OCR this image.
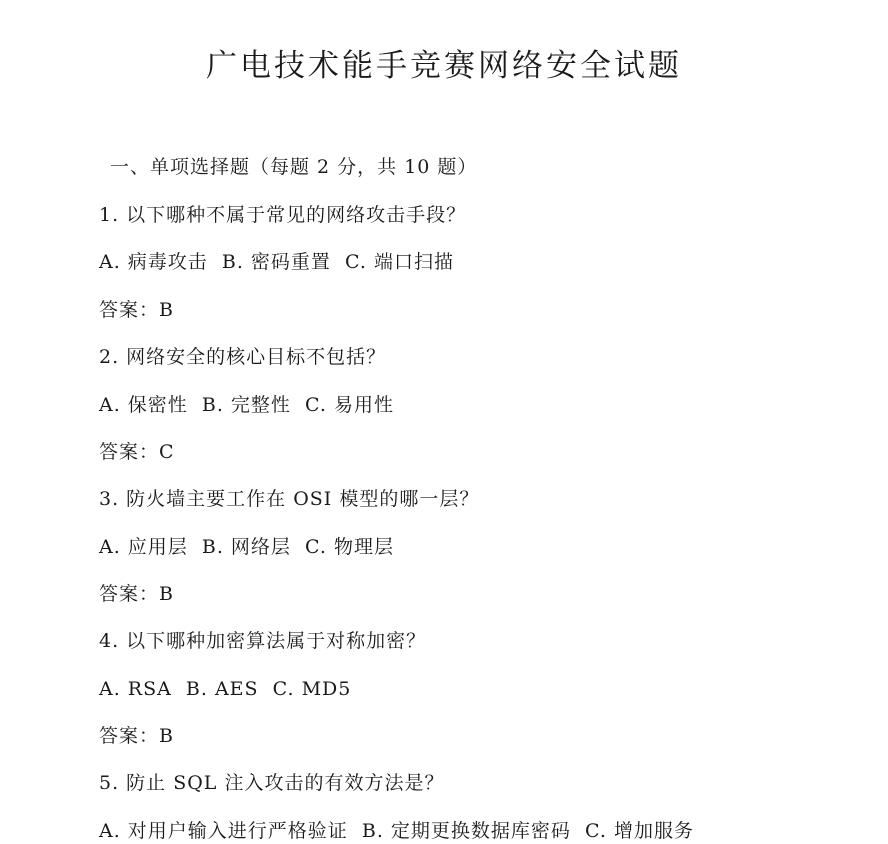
广电技术能手竞赛网络安全试题

一、单项选择题（每题 2 分，共 10 题）

1. 以下哪种不属于常见的网络攻击手段？

A. 病毒攻击  B. 密码重置  C. 端口扫描

答案：B

2. 网络安全的核心目标不包括？

A. 保密性  B. 完整性  C. 易用性

答案：C

3. 防火墙主要工作在 OSI 模型的哪一层？

A. 应用层  B. 网络层  C. 物理层

答案：B

4. 以下哪种加密算法属于对称加密？

A. RSA  B. AES  C. MD5

答案：B

5. 防止 SQL 注入攻击的有效方法是？

A. 对用户输入进行严格验证  B. 定期更换数据库密码  C. 增加服务
